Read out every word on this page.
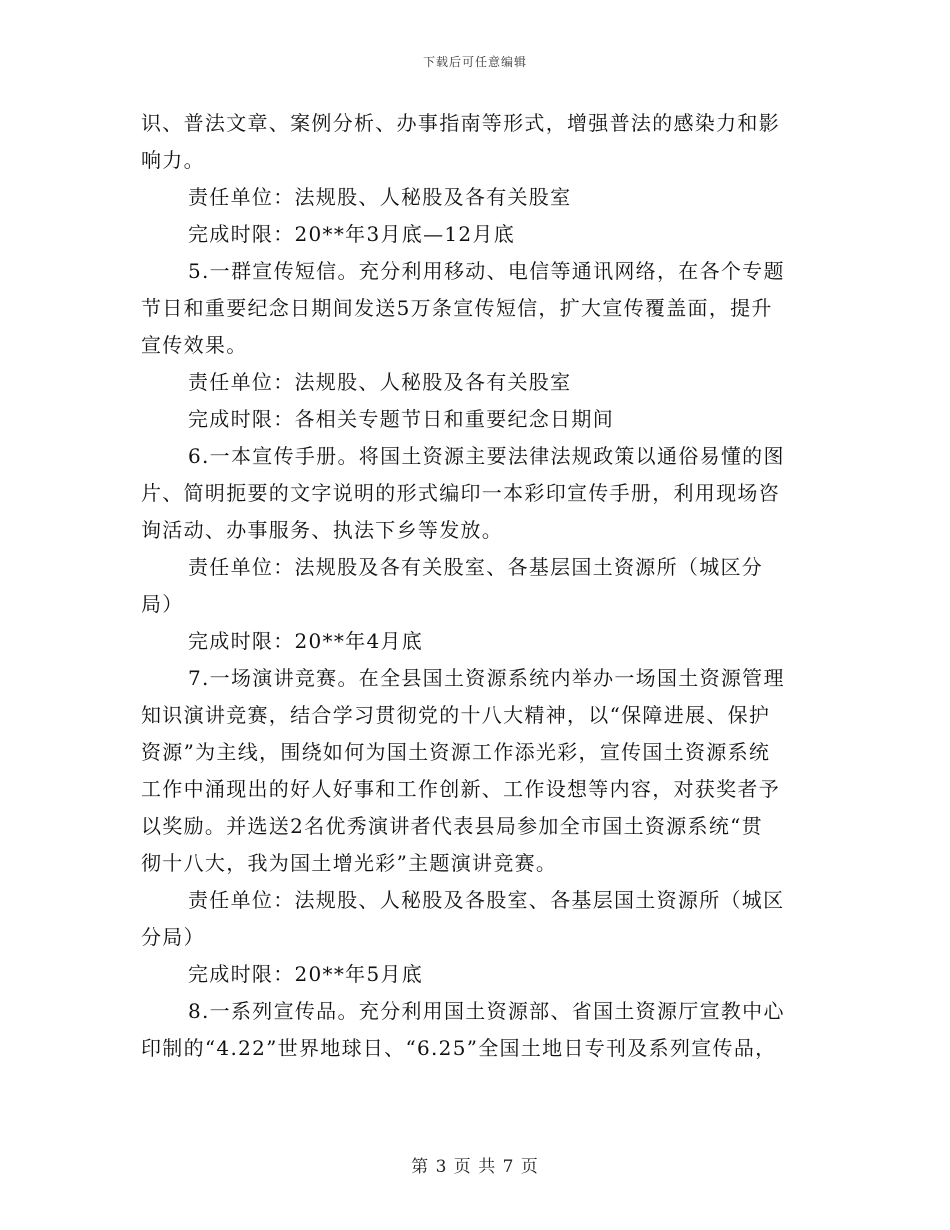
下载后可任意编辑
识、普法文章、案例分析、办事指南等形式，增强普法的感染力和影
响力。
责任单位：法规股、人秘股及各有关股室
完成时限：20**年3月底—12月底
5.一群宣传短信。充分利用移动、电信等通讯网络，在各个专题
节日和重要纪念日期间发送5万条宣传短信，扩大宣传覆盖面，提升
宣传效果。
责任单位：法规股、人秘股及各有关股室
完成时限：各相关专题节日和重要纪念日期间
6.一本宣传手册。将国土资源主要法律法规政策以通俗易懂的图
片、简明扼要的文字说明的形式编印一本彩印宣传手册，利用现场咨
询活动、办事服务、执法下乡等发放。
责任单位：法规股及各有关股室、各基层国土资源所（城区分
局）
完成时限：20**年4月底
7.一场演讲竞赛。在全县国土资源系统内举办一场国土资源管理
知识演讲竞赛，结合学习贯彻党的十八大精神，以“保障进展、保护
资源”为主线，围绕如何为国土资源工作添光彩，宣传国土资源系统
工作中涌现出的好人好事和工作创新、工作设想等内容，对获奖者予
以奖励。并选送2名优秀演讲者代表县局参加全市国土资源系统“贯
彻十八大，我为国土增光彩”主题演讲竞赛。
责任单位：法规股、人秘股及各股室、各基层国土资源所（城区
分局）
完成时限：20**年5月底
8.一系列宣传品。充分利用国土资源部、省国土资源厅宣教中心
印制的“4.22”世界地球日、“6.25”全国土地日专刊及系列宣传品，
第 3 页 共 7 页
